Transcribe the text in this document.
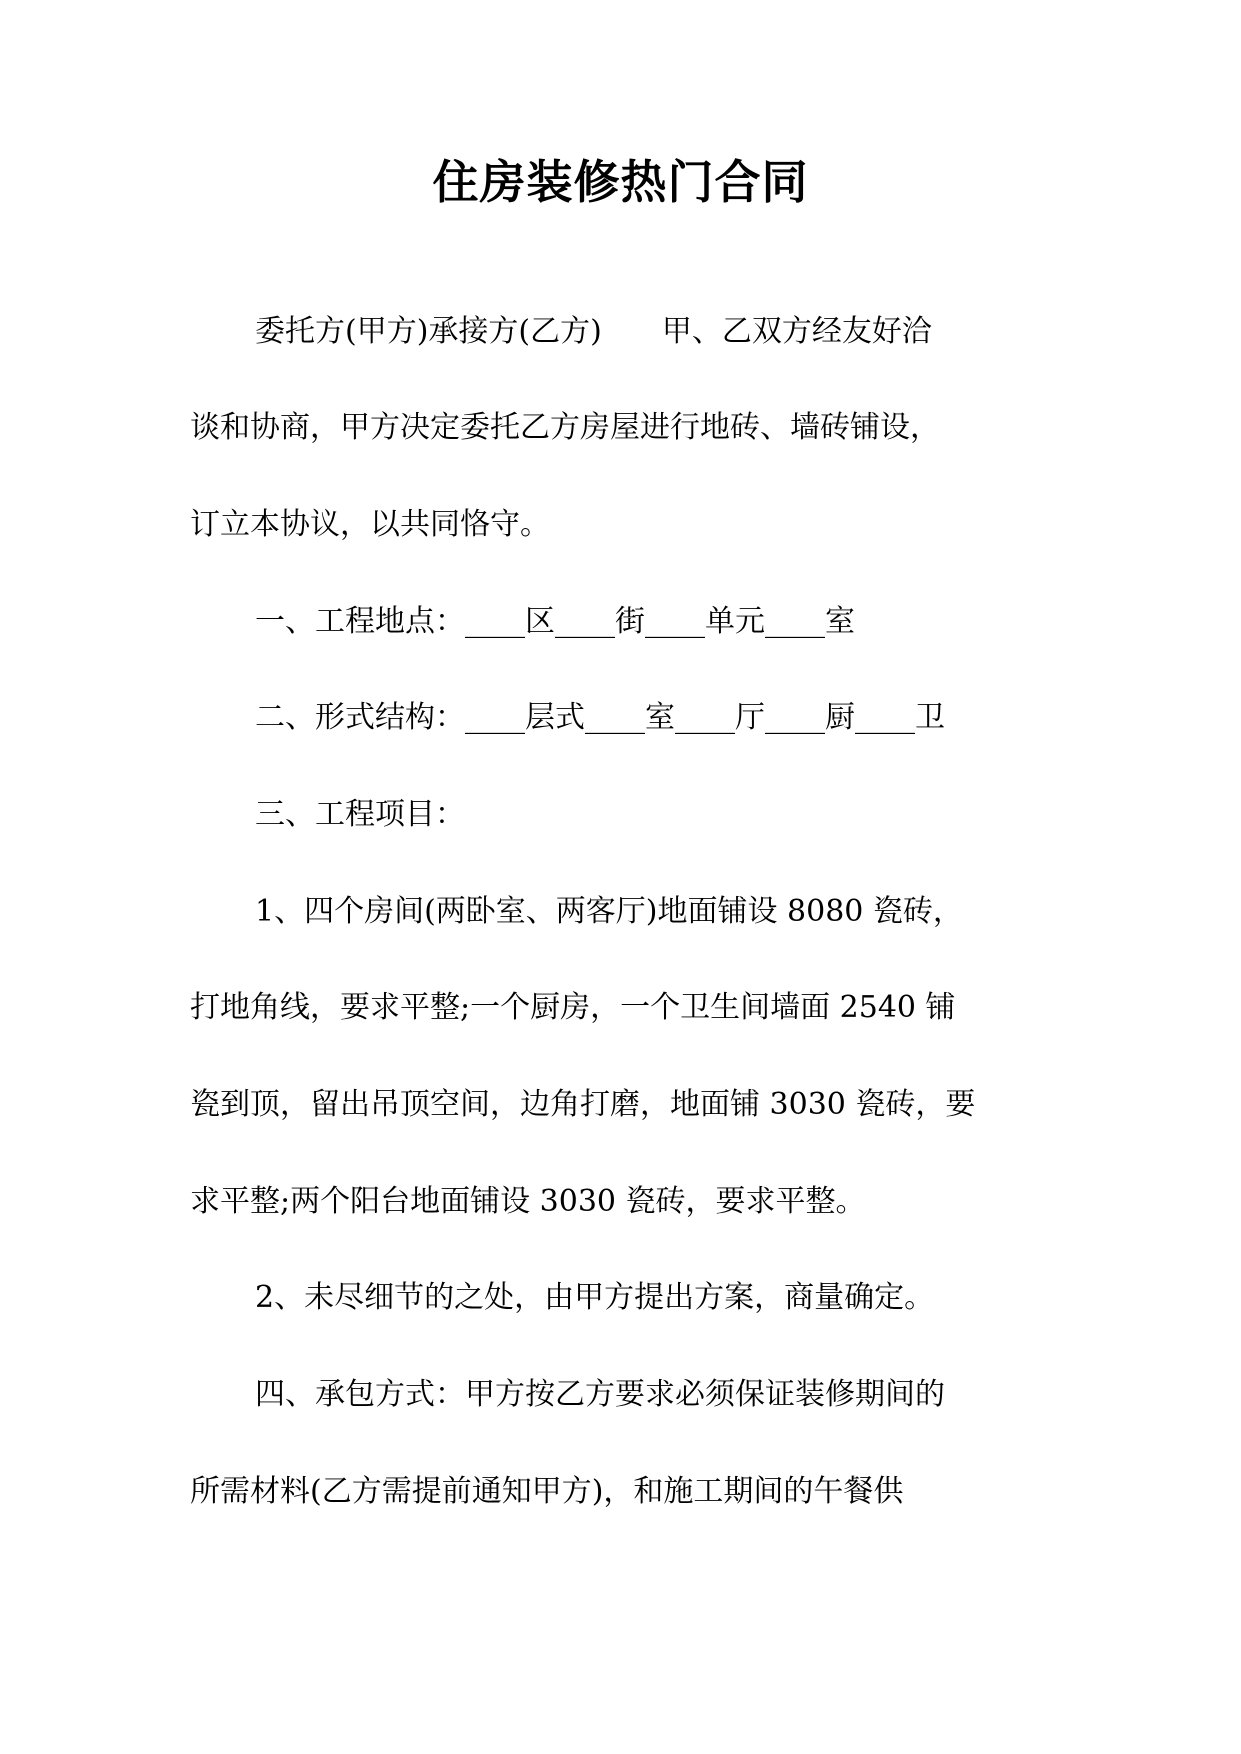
住房装修热门合同
委托方(甲方)承接方(乙方)　　甲、乙双方经友好洽
谈和协商，甲方决定委托乙方房屋进行地砖、墙砖铺设，
订立本协议，以共同恪守。
一、工程地点：____区____街____单元____室
二、形式结构：____层式____室____厅____厨____卫
三、工程项目：
1、四个房间(两卧室、两客厅)地面铺设 8080 瓷砖，
打地角线，要求平整;一个厨房，一个卫生间墙面 2540 铺
瓷到顶，留出吊顶空间，边角打磨，地面铺 3030 瓷砖，要
求平整;两个阳台地面铺设 3030 瓷砖，要求平整。
2、未尽细节的之处，由甲方提出方案，商量确定。
四、承包方式：甲方按乙方要求必须保证装修期间的
所需材料(乙方需提前通知甲方)，和施工期间的午餐供
